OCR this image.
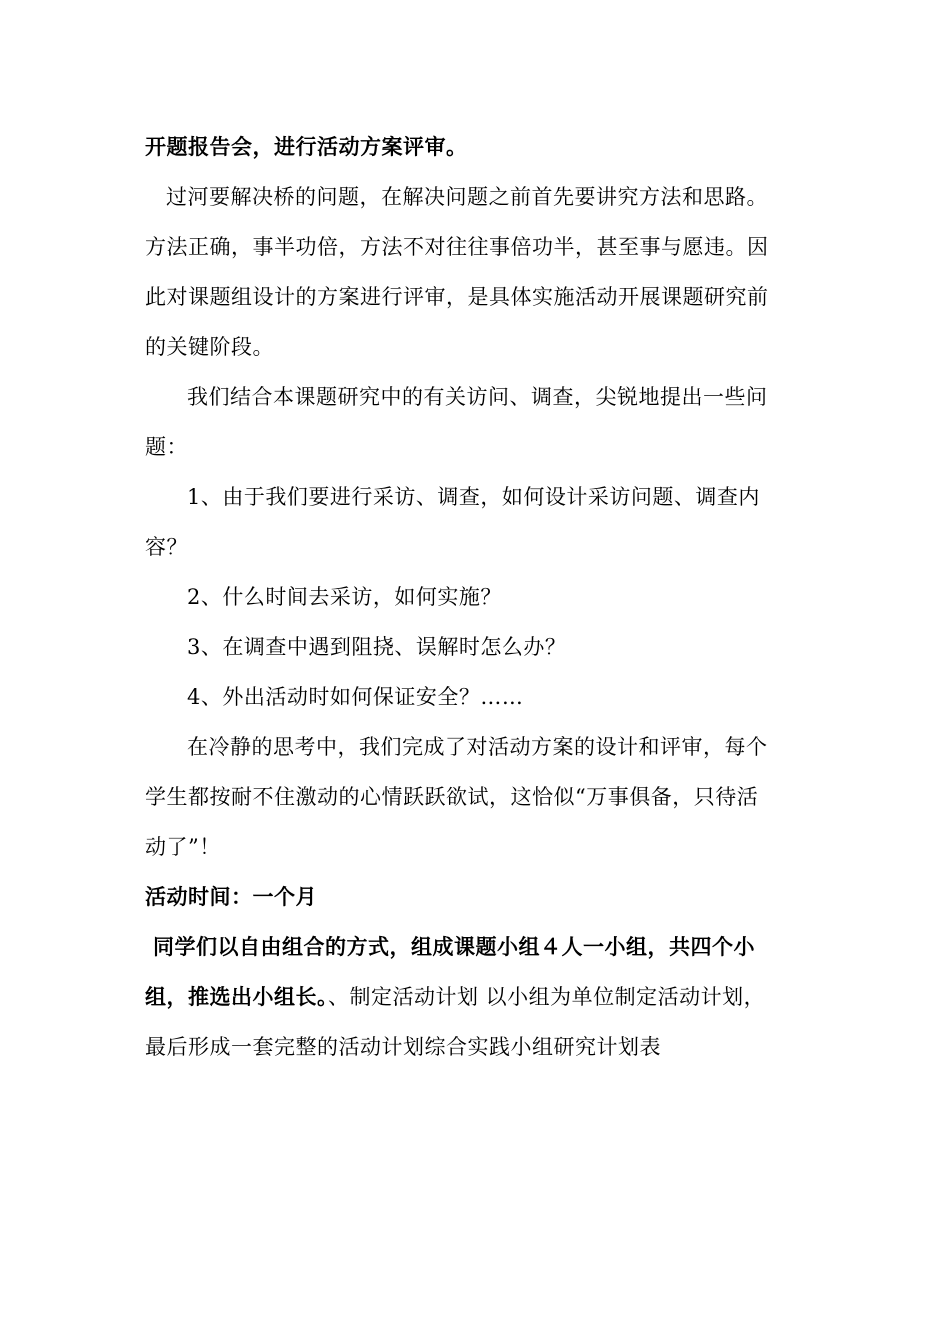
开题报告会，进行活动方案评审。
过河要解决桥的问题，在解决问题之前首先要讲究方法和思路。
方法正确，事半功倍，方法不对往往事倍功半，甚至事与愿违。因
此对课题组设计的方案进行评审，是具体实施活动开展课题研究前
的关键阶段。
我们结合本课题研究中的有关访问、调查，尖锐地提出一些问
题：
1、由于我们要进行采访、调查，如何设计采访问题、调查内
容？
2、什么时间去采访，如何实施？
3、在调查中遇到阻挠、误解时怎么办？
4、外出活动时如何保证安全？……
在冷静的思考中，我们完成了对活动方案的设计和评审，每个
学生都按耐不住激动的心情跃跃欲试，这恰似“万事俱备，只待活
动了”！
活动时间：一个月
同学们以自由组合的方式，组成课题小组４人一小组，共四个小
组，推选出小组长。、制定活动计划 以小组为单位制定活动计划，
最后形成一套完整的活动计划综合实践小组研究计划表
